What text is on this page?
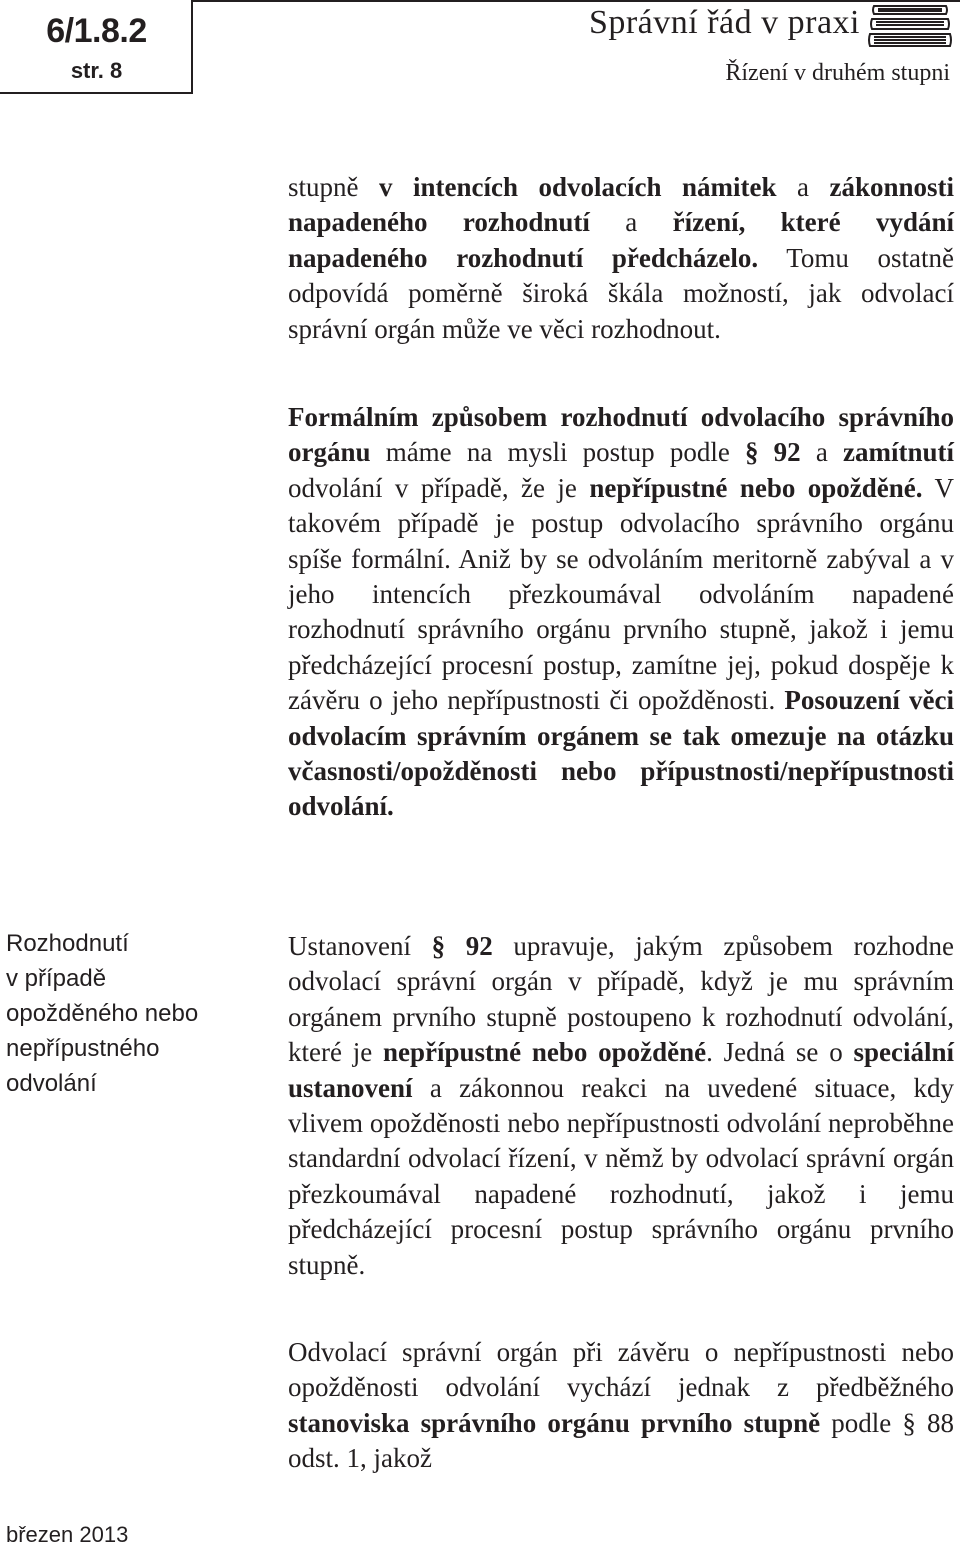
6/1.8.2
str. 8
Správní řád v praxi
Řízení v druhém stupni

stupně v intencích odvolacích námitek a zákonnosti napadeného rozhodnutí a řízení, které vydání napadeného rozhodnutí předcházelo. Tomu ostatně odpovídá poměrně široká škála možností, jak odvolací správní orgán může ve věci rozhodnout.

Formálním způsobem rozhodnutí odvolacího správního orgánu máme na mysli postup podle § 92 a zamítnutí odvolání v případě, že je nepřípustné nebo opožděné. V takovém případě je postup odvolacího správního orgánu spíše formální. Aniž by se odvoláním meritorně zabýval a v jeho intencích přezkoumával odvoláním napadené rozhodnutí správního orgánu prvního stupně, jakož i jemu předcházející procesní postup, zamítne jej, pokud dospěje k závěru o jeho nepřípustnosti či opožděnosti. Posouzení věci odvolacím správním orgánem se tak omezuje na otázku včasnosti/opožděnosti nebo přípustnosti/nepřípustnosti odvolání.

Ustanovení § 92 upravuje, jakým způsobem rozhodne odvolací správní orgán v případě, když je mu správním orgánem prvního stupně postoupeno k rozhodnutí odvolání, které je nepřípustné nebo opožděné. Jedná se o speciální ustanovení a zákonnou reakci na uvedené situace, kdy vlivem opožděnosti nebo nepřípustnosti odvolání neproběhne standardní odvolací řízení, v němž by odvolací správní orgán přezkoumával napadené rozhodnutí, jakož i jemu předcházející procesní postup správního orgánu prvního stupně.

Odvolací správní orgán při závěru o nepřípustnosti nebo opožděnosti odvolání vychází jednak z předběžného stanoviska správního orgánu prvního stupně podle § 88 odst. 1, jakož

Rozhodnutí
v případě
opožděného nebo
nepřípustného
odvolání
březen 2013
